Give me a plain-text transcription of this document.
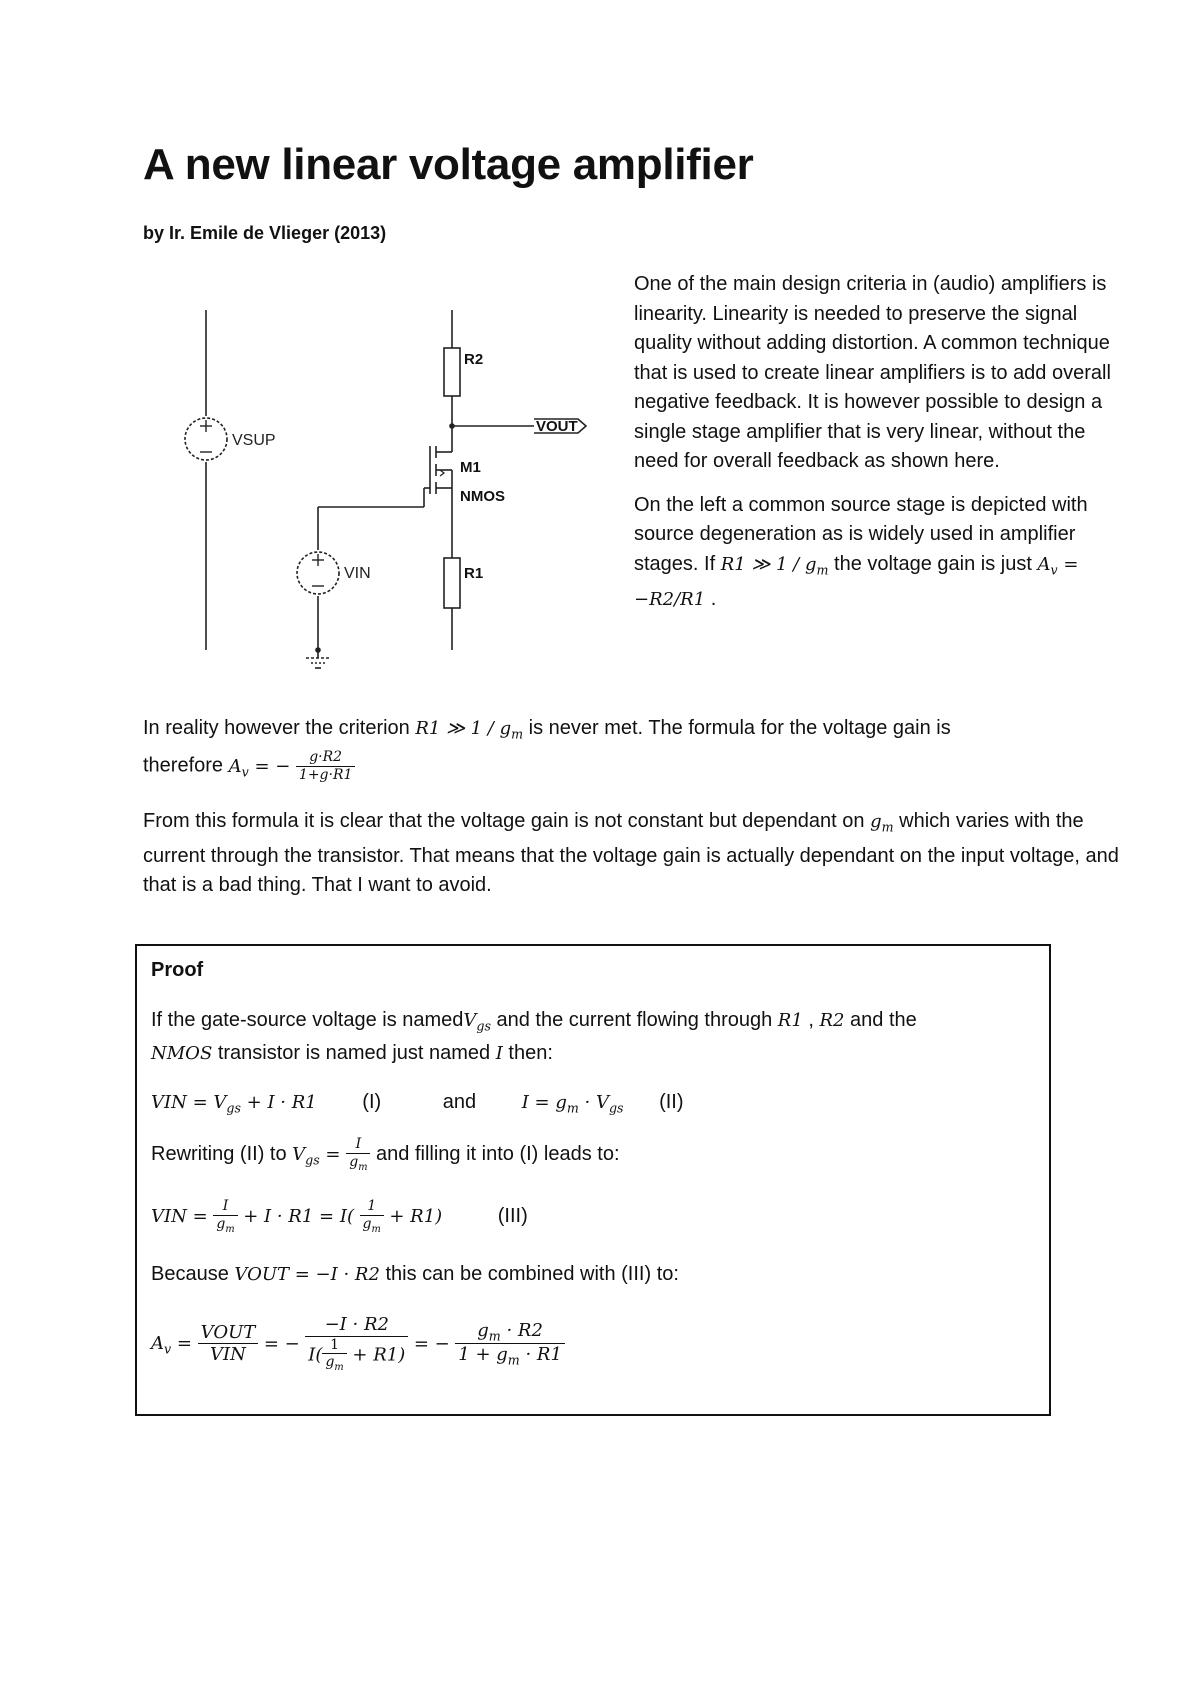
A new linear voltage amplifier
by Ir. Emile de Vlieger (2013)
R2
VOUT
M1
NMOS
R1
VSUP
VIN

One of the main design criteria in (audio) amplifiers is linearity. Linearity is needed to preserve the signal quality without adding distortion. A common technique that is used to create linear amplifiers is to add overall negative feedback. It is however possible to design a single stage amplifier that is very linear, without the need for overall feedback as shown here.

On the left a common source stage is depicted with source degeneration as is widely used in amplifier stages. If R1 ≫ $1 / g_m$ the voltage gain is just $A_v = -R2/R1$ .

In reality however the criterion R1 ≫ $1 / g_m$ is never met. The formula for the voltage gain is
therefore $A_v$ = − $\frac{g\cdot R2}{1+g\cdot R1}$

From this formula it is clear that the voltage gain is not constant but dependant on $g_m$ which varies with the current through the transistor. That means that the voltage gain is actually dependant on the input voltage, and that is a bad thing. That I want to avoid.

Proof
If the gate-source voltage is namedV$_{gs}$ and the current flowing through R1 , R2 and the
NMOS transistor is named just named I then:
VIN = $V_{gs} + I \cdot R1$ (I)	and	$I = g_m \cdot V_{gs}$ (II)
Rewriting (II) to $V_{gs} = \frac{I}{g_m}$ and filling it into (I) leads to:
VIN = $\frac{I}{g_m} + I \cdot R1 = I( \frac{1}{g_m} + R1)$	(III)
Because VOUT = −I · R2 this can be combined with (III) to:
$A_v = \frac{\text{VOUT}}{\text{VIN}}$ = − $\frac{-I \cdot R2}{I( \frac{1}{g_m} + R1)}$ = − $\frac{g_m \cdot R2}{1 + g_m \cdot R1}$
